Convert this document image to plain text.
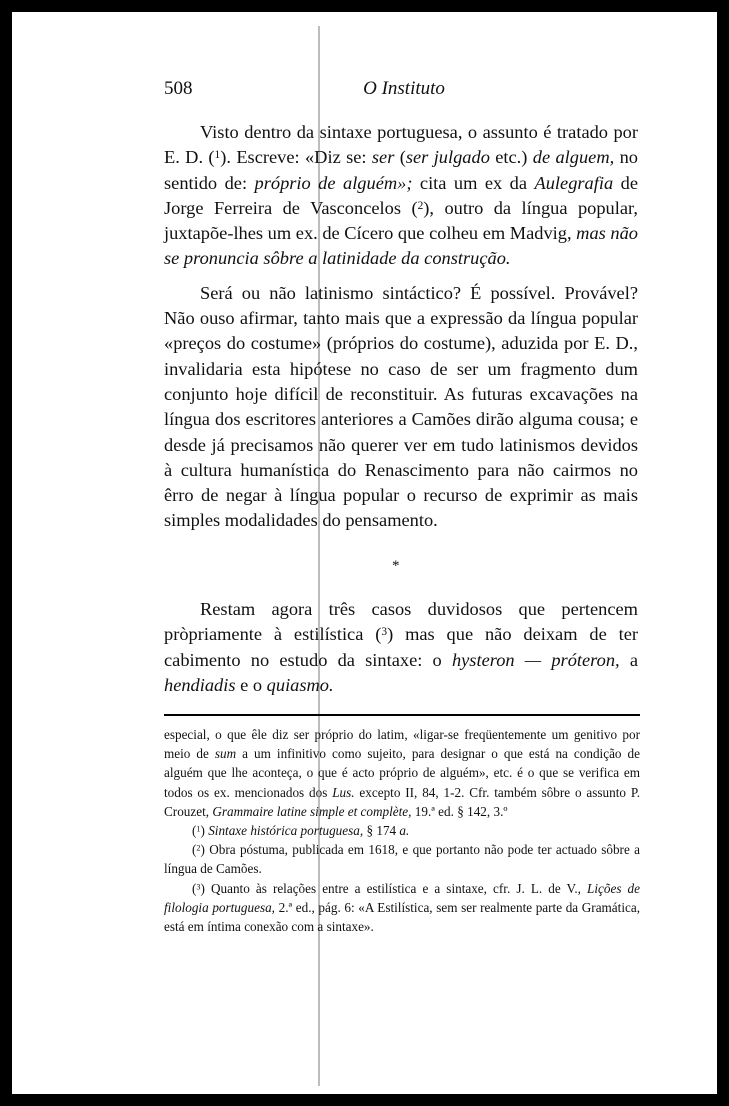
508	O Instituto

Visto dentro da sintaxe portuguesa, o assunto é tratado por E. D. ($^1$). Escreve: «Diz se: ser (ser julgado etc.) de alguem, no sentido de: próprio de alguém»; cita um ex da Aulegrafia de Jorge Ferreira de Vasconcelos ($^2$), outro da língua popular, juxtapõe-lhes um ex. de Cícero que colheu em Madvig, mas não se pronuncia sôbre a latinidade da construção.

Será ou não latinismo sintáctico? É possível. Provável? Não ouso afirmar, tanto mais que a expressão da língua popular «preços do costume» (próprios do costume), aduzida por E. D., invalidaria esta hipótese no caso de ser um fragmento dum conjunto hoje difícil de reconstituir. As futuras excavações na língua dos escritores anteriores a Camões dirão alguma cousa; e desde já precisamos não querer ver em tudo latinismos devidos à cultura humanística do Renascimento para não cairmos no êrro de negar à língua popular o recurso de exprimir as mais simples modalidades do pensamento.

*

Restam agora três casos duvidosos que pertencem pròpriamente à estilística ($^3$) mas que não deixam de ter cabimento no estudo da sintaxe: o hysteron — próteron, a hendiadis e o quiasmo.

especial, o que êle diz ser próprio do latim, «ligar-se freqüentemente um genitivo por meio de sum a um infinitivo como sujeito, para designar o que está na condição de alguém que lhe aconteça, o que é acto próprio de alguém», etc. é o que se verifica em todos os ex. mencionados dos Lus. excepto II, 84, 1-2. Cfr. também sôbre o assunto P. Crouzet, Grammaire latine simple et complète, 19.ª ed. § 142, 3.º

($^1$) Sintaxe histórica portuguesa, § 174 a.

($^2$) Obra póstuma, publicada em 1618, e que portanto não pode ter actuado sôbre a língua de Camões.

($^3$) Quanto às relações entre a estilística e a sintaxe, cfr. J. L. de V., Lições de filologia portuguesa, 2.ª ed., pág. 6: «A Estilística, sem ser realmente parte da Gramática, está em íntima conexão com a sintaxe».
